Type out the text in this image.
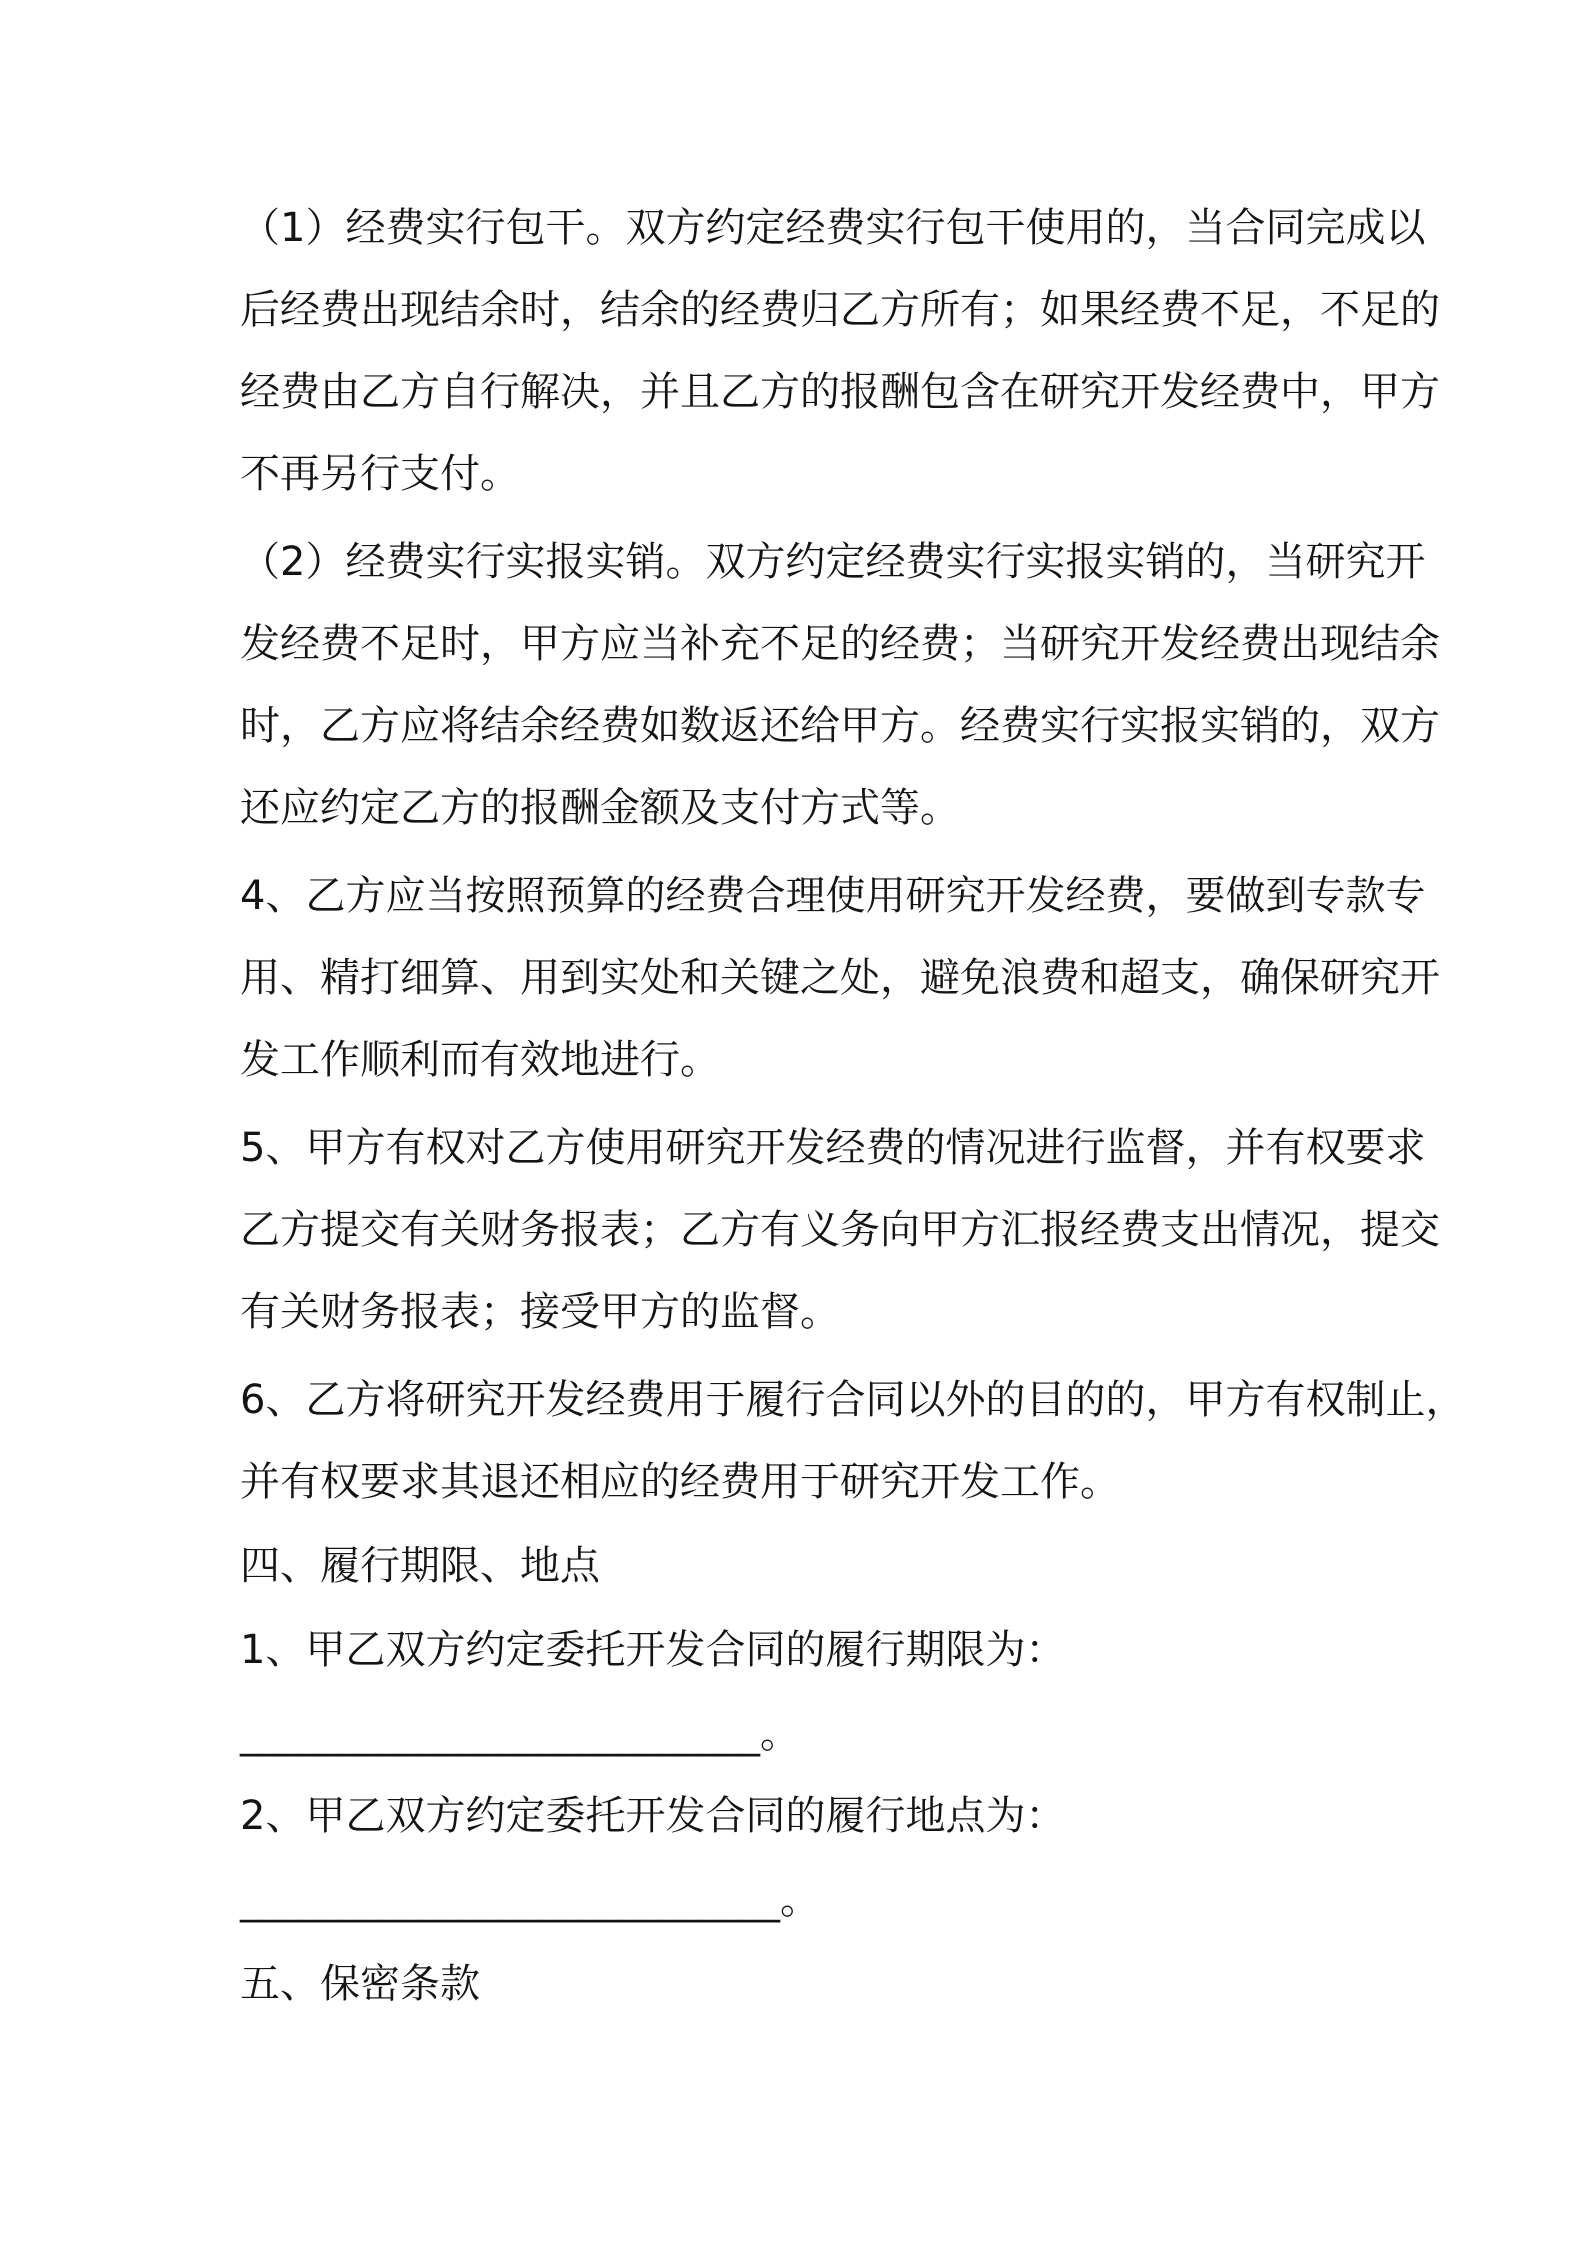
（1）经费实行包干。双方约定经费实行包干使用的，当合同完成以

后经费出现结余时，结余的经费归乙方所有；如果经费不足，不足的

经费由乙方自行解决，并且乙方的报酬包含在研究开发经费中，甲方

不再另行支付。

（2）经费实行实报实销。双方约定经费实行实报实销的，当研究开

发经费不足时，甲方应当补充不足的经费；当研究开发经费出现结余

时，乙方应将结余经费如数返还给甲方。经费实行实报实销的，双方

还应约定乙方的报酬金额及支付方式等。

4、乙方应当按照预算的经费合理使用研究开发经费，要做到专款专

用、精打细算、用到实处和关键之处，避免浪费和超支，确保研究开

发工作顺利而有效地进行。

5、甲方有权对乙方使用研究开发经费的情况进行监督，并有权要求

乙方提交有关财务报表；乙方有义务向甲方汇报经费支出情况，提交

有关财务报表；接受甲方的监督。

6、乙方将研究开发经费用于履行合同以外的目的的，甲方有权制止，

并有权要求其退还相应的经费用于研究开发工作。

四、履行期限、地点

1、甲乙双方约定委托开发合同的履行期限为：

__________________________。

2、甲乙双方约定委托开发合同的履行地点为：

___________________________。

五、保密条款
